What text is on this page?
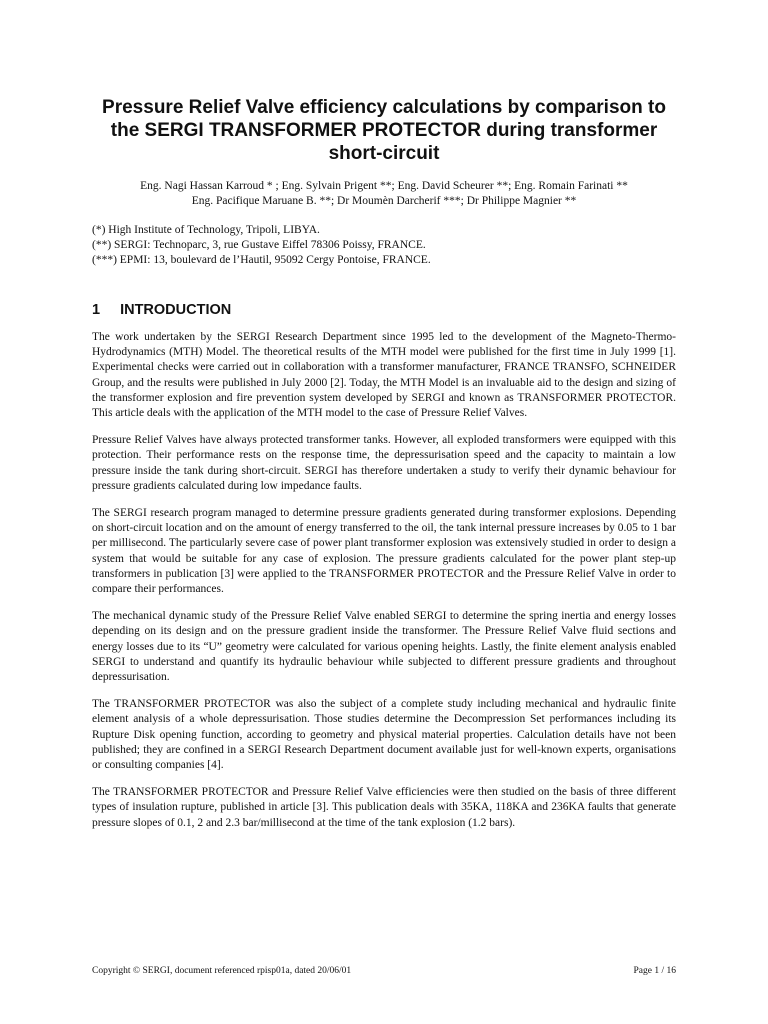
Pressure Relief Valve efficiency calculations by comparison to the SERGI TRANSFORMER PROTECTOR during transformer short-circuit
Eng. Nagi Hassan Karroud * ; Eng. Sylvain Prigent **; Eng. David Scheurer **; Eng. Romain Farinati **
Eng. Pacifique Maruane B. **; Dr Moumèn Darcherif ***; Dr Philippe Magnier **
(*) High Institute of Technology, Tripoli, LIBYA.
(**) SERGI: Technoparc, 3, rue Gustave Eiffel 78306 Poissy, FRANCE.
(***) EPMI: 13, boulevard de l’Hautil, 95092 Cergy Pontoise, FRANCE.
1 INTRODUCTION

The work undertaken by the SERGI Research Department since 1995 led to the development of the Magneto-Thermo-Hydrodynamics (MTH) Model. The theoretical results of the MTH model were published for the first time in July 1999 [1]. Experimental checks were carried out in collaboration with a transformer manufacturer, FRANCE TRANSFO, SCHNEIDER Group, and the results were published in July 2000 [2]. Today, the MTH Model is an invaluable aid to the design and sizing of the transformer explosion and fire prevention system developed by SERGI and known as TRANSFORMER PROTECTOR. This article deals with the application of the MTH model to the case of Pressure Relief Valves.

Pressure Relief Valves have always protected transformer tanks. However, all exploded transformers were equipped with this protection. Their performance rests on the response time, the depressurisation speed and the capacity to maintain a low pressure inside the tank during short-circuit. SERGI has therefore undertaken a study to verify their dynamic behaviour for pressure gradients calculated during low impedance faults.

The SERGI research program managed to determine pressure gradients generated during transformer explosions. Depending on short-circuit location and on the amount of energy transferred to the oil, the tank internal pressure increases by 0.05 to 1 bar per millisecond. The particularly severe case of power plant transformer explosion was extensively studied in order to design a system that would be suitable for any case of explosion. The pressure gradients calculated for the power plant step-up transformers in publication [3] were applied to the TRANSFORMER PROTECTOR and the Pressure Relief Valve in order to compare their performances.

The mechanical dynamic study of the Pressure Relief Valve enabled SERGI to determine the spring inertia and energy losses depending on its design and on the pressure gradient inside the transformer. The Pressure Relief Valve fluid sections and energy losses due to its “U” geometry were calculated for various opening heights. Lastly, the finite element analysis enabled SERGI to understand and quantify its hydraulic behaviour while subjected to different pressure gradients and throughout depressurisation.

The TRANSFORMER PROTECTOR was also the subject of a complete study including mechanical and hydraulic finite element analysis of a whole depressurisation. Those studies determine the Decompression Set performances including its Rupture Disk opening function, according to geometry and physical material properties. Calculation details have not been published; they are confined in a SERGI Research Department document available just for well-known experts, organisations or consulting companies [4].

The TRANSFORMER PROTECTOR and Pressure Relief Valve efficiencies were then studied on the basis of three different types of insulation rupture, published in article [3]. This publication deals with 35KA, 118KA and 236KA faults that generate pressure slopes of 0.1, 2 and 2.3 bar/millisecond at the time of the tank explosion (1.2 bars).

Copyright © SERGI, document referenced rpisp01a, dated 20/06/01	Page 1 / 16
